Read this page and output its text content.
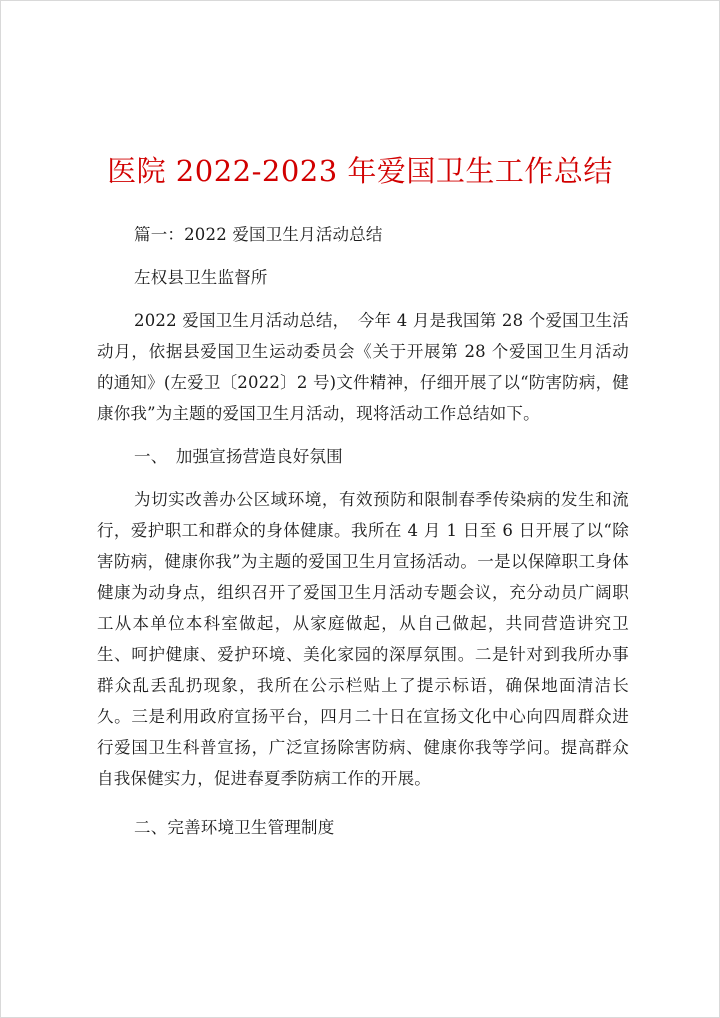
医院 2022-2023 年爱国卫生工作总结

篇一：2022 爱国卫生月活动总结

左权县卫生监督所

2022 爱国卫生月活动总结，　今年 4 月是我国第 28 个爱国卫生活动月，依据县爱国卫生运动委员会《关于开展第 28 个爱国卫生月活动的通知》(左爱卫〔2022〕2 号)文件精神，仔细开展了以“防害防病，健康你我”为主题的爱国卫生月活动，现将活动工作总结如下。

一、　加强宣扬营造良好氛围

为切实改善办公区域环境，有效预防和限制春季传染病的发生和流行，爱护职工和群众的身体健康。我所在 4 月 1 日至 6 日开展了以“除害防病，健康你我”为主题的爱国卫生月宣扬活动。一是以保障职工身体健康为动身点，组织召开了爱国卫生月活动专题会议，充分动员广阔职工从本单位本科室做起，从家庭做起，从自己做起，共同营造讲究卫生、呵护健康、爱护环境、美化家园的深厚氛围。二是针对到我所办事群众乱丢乱扔现象，我所在公示栏贴上了提示标语，确保地面清洁长久。三是利用政府宣扬平台，四月二十日在宣扬文化中心向四周群众进行爱国卫生科普宣扬，广泛宣扬除害防病、健康你我等学问。提高群众自我保健实力，促进春夏季防病工作的开展。

二、完善环境卫生管理制度
